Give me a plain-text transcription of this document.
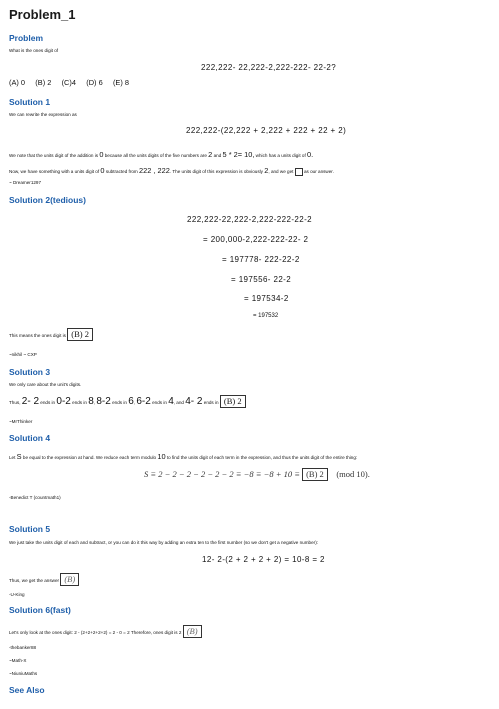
Problem_1
Problem
What is the ones digit of
222,222- 22,222-2,222-222- 22-2?
(A) 0 (B) 2 (C)4 (D) 6 (E) 8
Solution 1
We can rewrite the expression as
222,222-(22,222 + 2,222 + 222 + 22 + 2)
We note that the units digit of the addition is 0 because all the units digits of the five numbers are 2 and 5 * 2= 10, which has a units digit of 0.
Now, we have something with a units digit of 0 subtracted from 222 , 222. The units digit of this expression is obviously 2, and we get as our answer.
~ Dreamer1297
Solution 2(tedious)
222,222-22,222-2,222-222-22-2
= 200,000-2,222-222-22- 2
= 197778- 222-22-2
= 197556- 22-2
= 197534-2
= 197532
This means the ones digit is (B) 2
~nikhil ~ CXP
Solution 3
We only care about the unit's digits.
Thus, 2- 2 ends in 0-2 ends in 8, 8-2 ends in 6, 6-2 ends in 4, and 4- 2 ends in (B) 2
~MrThinker
Solution 4
Let S be equal to the expression at hand. We reduce each term modulo 10 to find the units digit of each term in the expression, and thus the units digit of the entire thing:
S ≡ 2 − 2 − 2 − 2 − 2 − 2 ≡ −8 ≡ −8 + 10 ≡ (B) 2 (mod 10).
-Benedict T (countmath1)
Solution 5
We just take the units digit of each and subtract, or you can do it this way by adding an extra ten to the first number (so we don't get a negative number):
12- 2-(2 + 2 + 2 + 2) = 10-8 = 2
Thus, we get the answer (B)
-U-King
Solution 6(fast)
Let's only look at the ones digit: 2 - (2+2+2+2+2) = 2 - 0 = 2 Therefore, ones digit is 2 (B)
-thebanker88
~Math-X
~NiuniuMaths
See Also
